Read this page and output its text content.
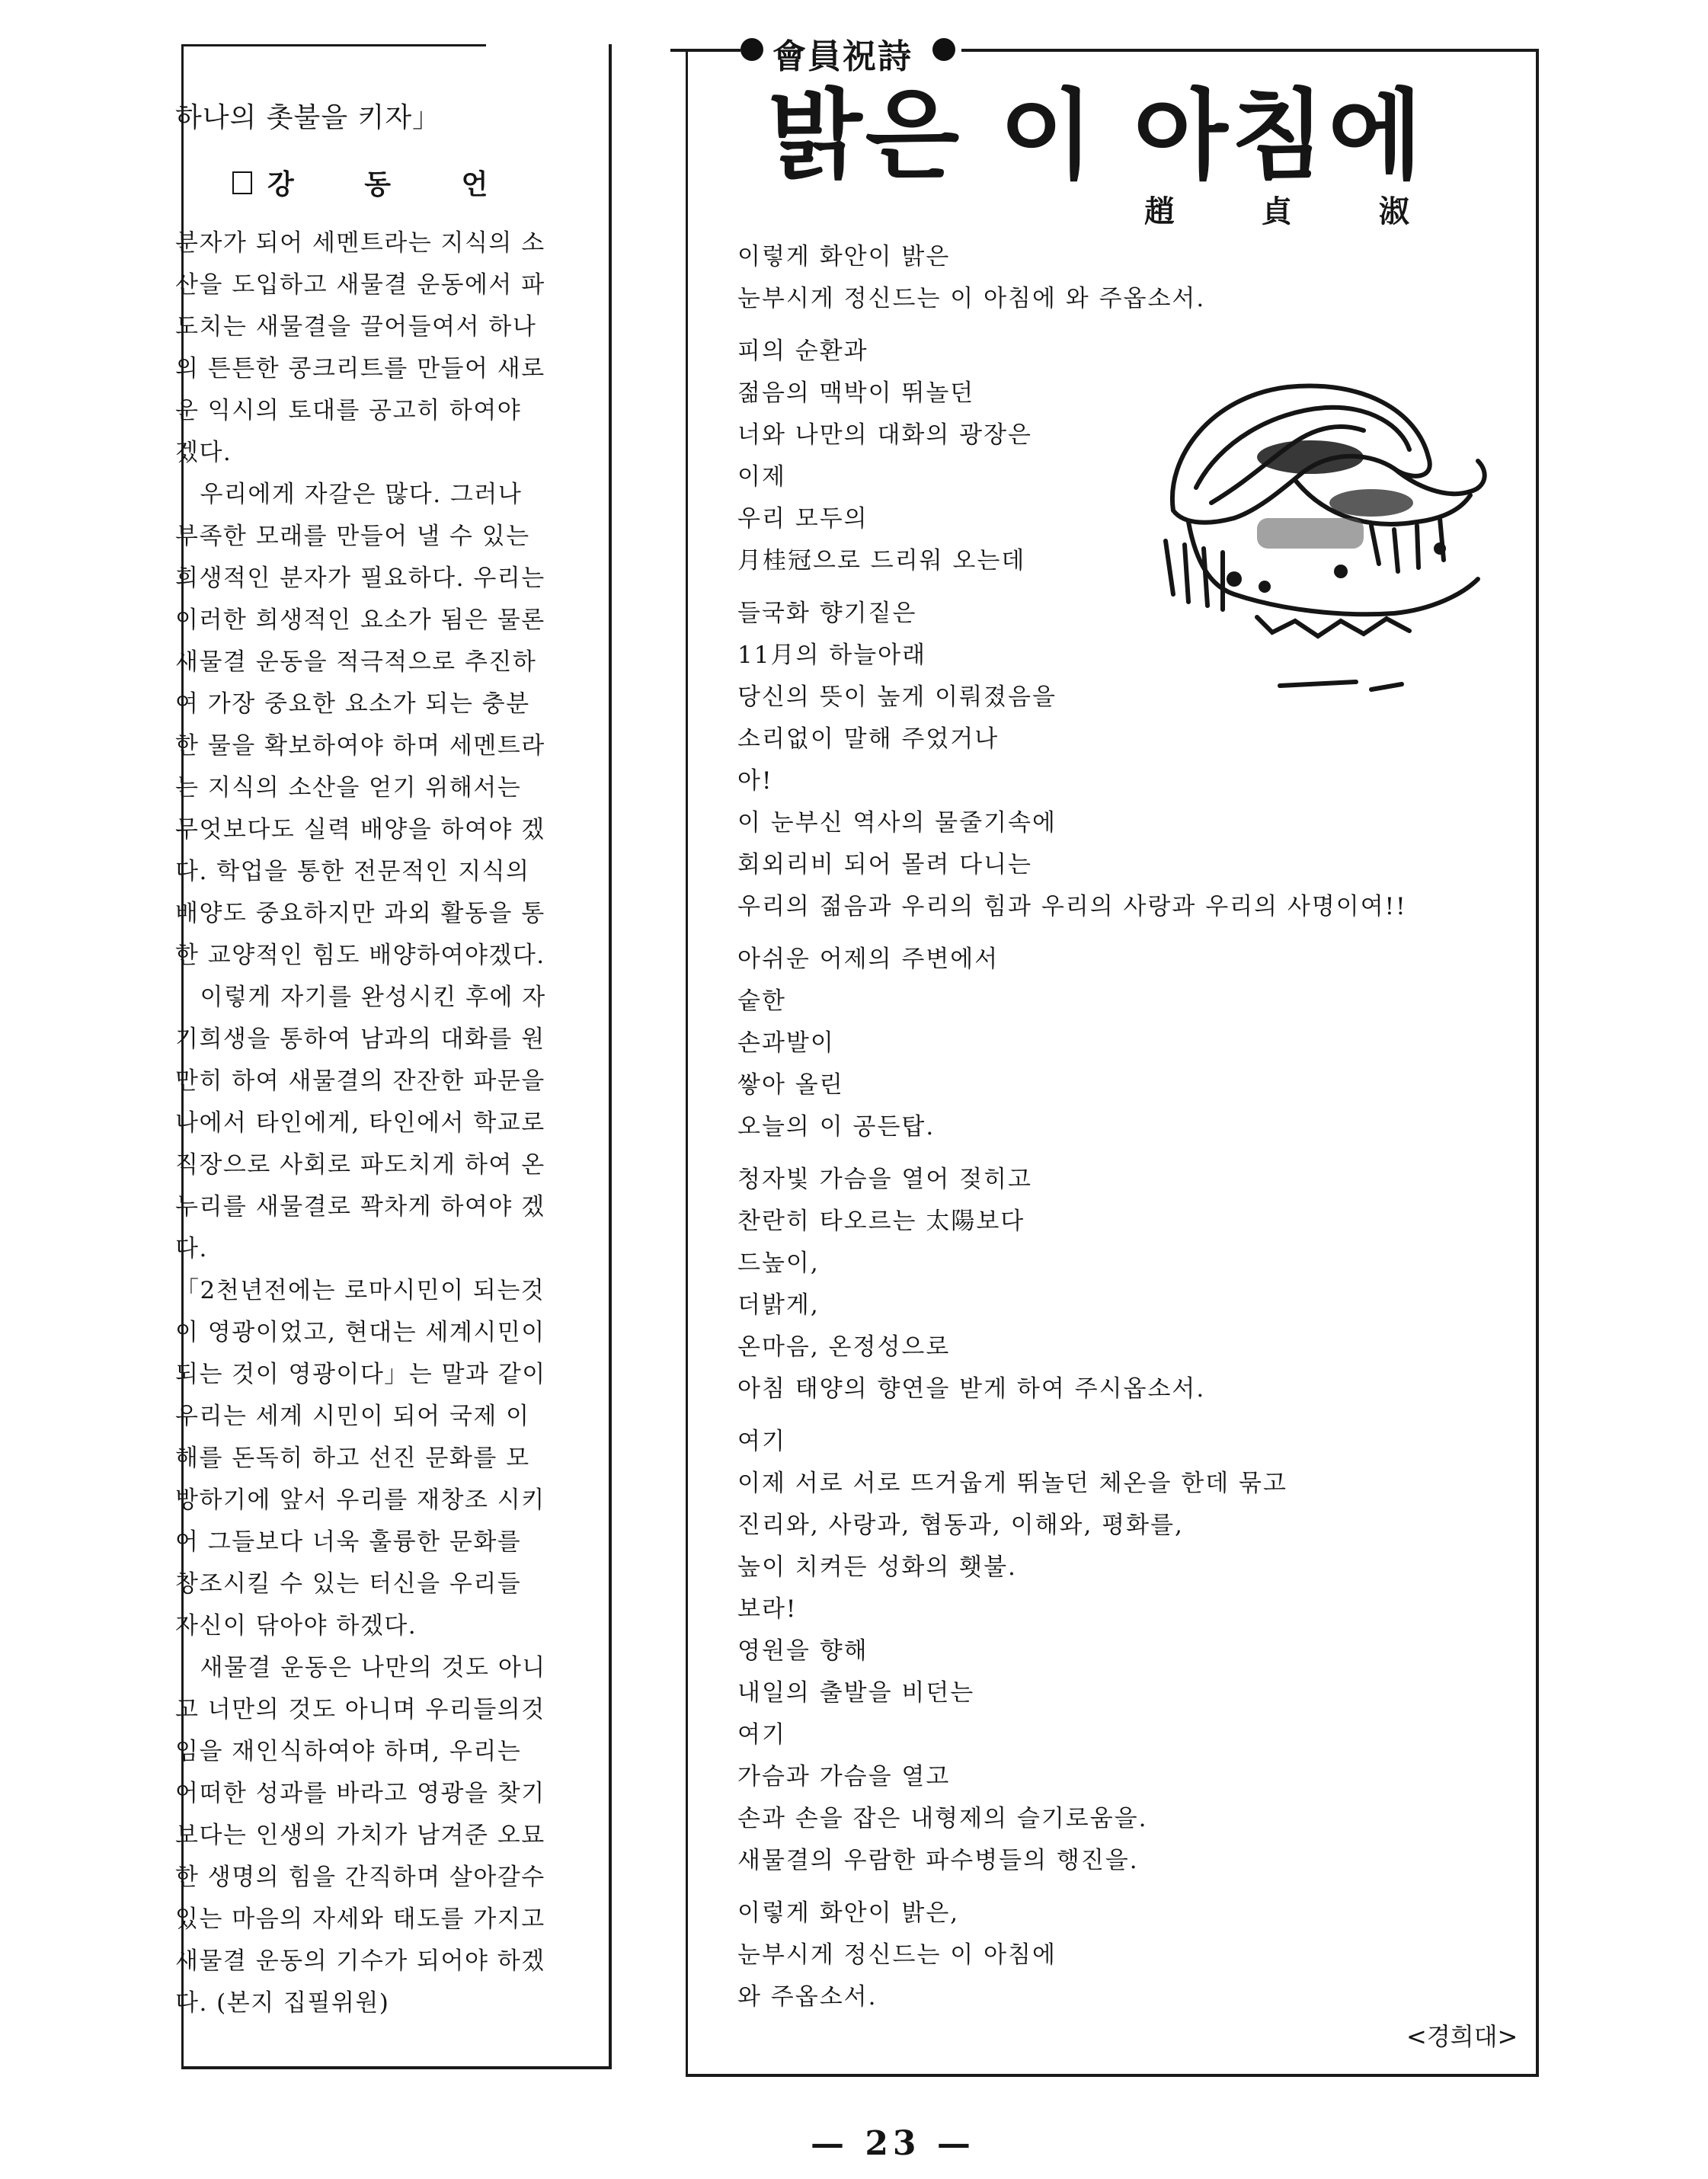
하나의 촛불을 키자」
강 동 언
분자가 되어 세멘트라는 지식의 소
산을 도입하고 새물결 운동에서 파
도치는 새물결을 끌어들여서 하나
의 튼튼한 콩크리트를 만들어 새로
운 익시의 토대를 공고히 하여야
겠다.
　우리에게 자갈은 많다. 그러나
부족한 모래를 만들어 낼 수 있는
희생적인 분자가 필요하다. 우리는
이러한 희생적인 요소가 됨은 물론
새물결 운동을 적극적으로 추진하
여 가장 중요한 요소가 되는 충분
한 물을 확보하여야 하며 세멘트라
는 지식의 소산을 얻기 위해서는
무엇보다도 실력 배양을 하여야 겠
다. 학업을 통한 전문적인 지식의
배양도 중요하지만 과외 활동을 통
한 교양적인 힘도 배양하여야겠다.
　이렇게 자기를 완성시킨 후에 자
기희생을 통하여 남과의 대화를 원
만히 하여 새물결의 잔잔한 파문을
나에서 타인에게, 타인에서 학교로
직장으로 사회로 파도치게 하여 온
누리를 새물결로 꽉차게 하여야 겠
다.
「2천년전에는 로마시민이 되는것
이 영광이었고, 현대는 세계시민이
되는 것이 영광이다」는 말과 같이
우리는 세계 시민이 되어 국제 이
해를 돈독히 하고 선진 문화를 모
방하기에 앞서 우리를 재창조 시키
어 그들보다 너욱 훌륭한 문화를
창조시킬 수 있는 터신을 우리들
자신이 닦아야 하겠다.
　새물결 운동은 나만의 것도 아니
고 너만의 것도 아니며 우리들의것
임을 재인식하여야 하며, 우리는
어떠한 성과를 바라고 영광을 찾기
보다는 인생의 가치가 남겨준 오묘
한 생명의 힘을 간직하며 살아갈수
있는 마음의 자세와 태도를 가지고
새물결 운동의 기수가 되어야 하겠
다. (본지 집필위원)
會員祝詩
밝은 이 아침에
趙 貞 淑
이렇게 화안이 밝은
눈부시게 정신드는 이 아침에 와 주옵소서.
피의 순환과
젊음의 맥박이 뛰놀던
너와 나만의 대화의 광장은
이제
우리 모두의
月桂冠으로 드리워 오는데
들국화 향기짙은
11月의 하늘아래
당신의 뜻이 높게 이뤄졌음을
소리없이 말해 주었거나
아!
이 눈부신 역사의 물줄기속에
회외리비 되어 몰려 다니는
우리의 젊음과 우리의 힘과 우리의 사랑과 우리의 사명이여!!
아쉬운 어제의 주변에서
숱한
손과발이
쌓아 올린
오늘의 이 공든탑.
청자빛 가슴을 열어 젖히고
찬란히 타오르는 太陽보다
드높이,
더밝게,
온마음, 온정성으로
아침 태양의 향연을 받게 하여 주시옵소서.
여기
이제 서로 서로 뜨거웁게 뛰놀던 체온을 한데 묶고
진리와, 사랑과, 협동과, 이해와, 평화를,
높이 치켜든 성화의 횃불.
보라!
영원을 향해
내일의 출발을 비던는
여기
가슴과 가슴을 열고
손과 손을 잡은 내형제의 슬기로움을.
새물결의 우람한 파수병들의 행진을.
이렇게 화안이 밝은,
눈부시게 정신드는 이 아침에
와 주옵소서.
<경희대>
— 23 —
